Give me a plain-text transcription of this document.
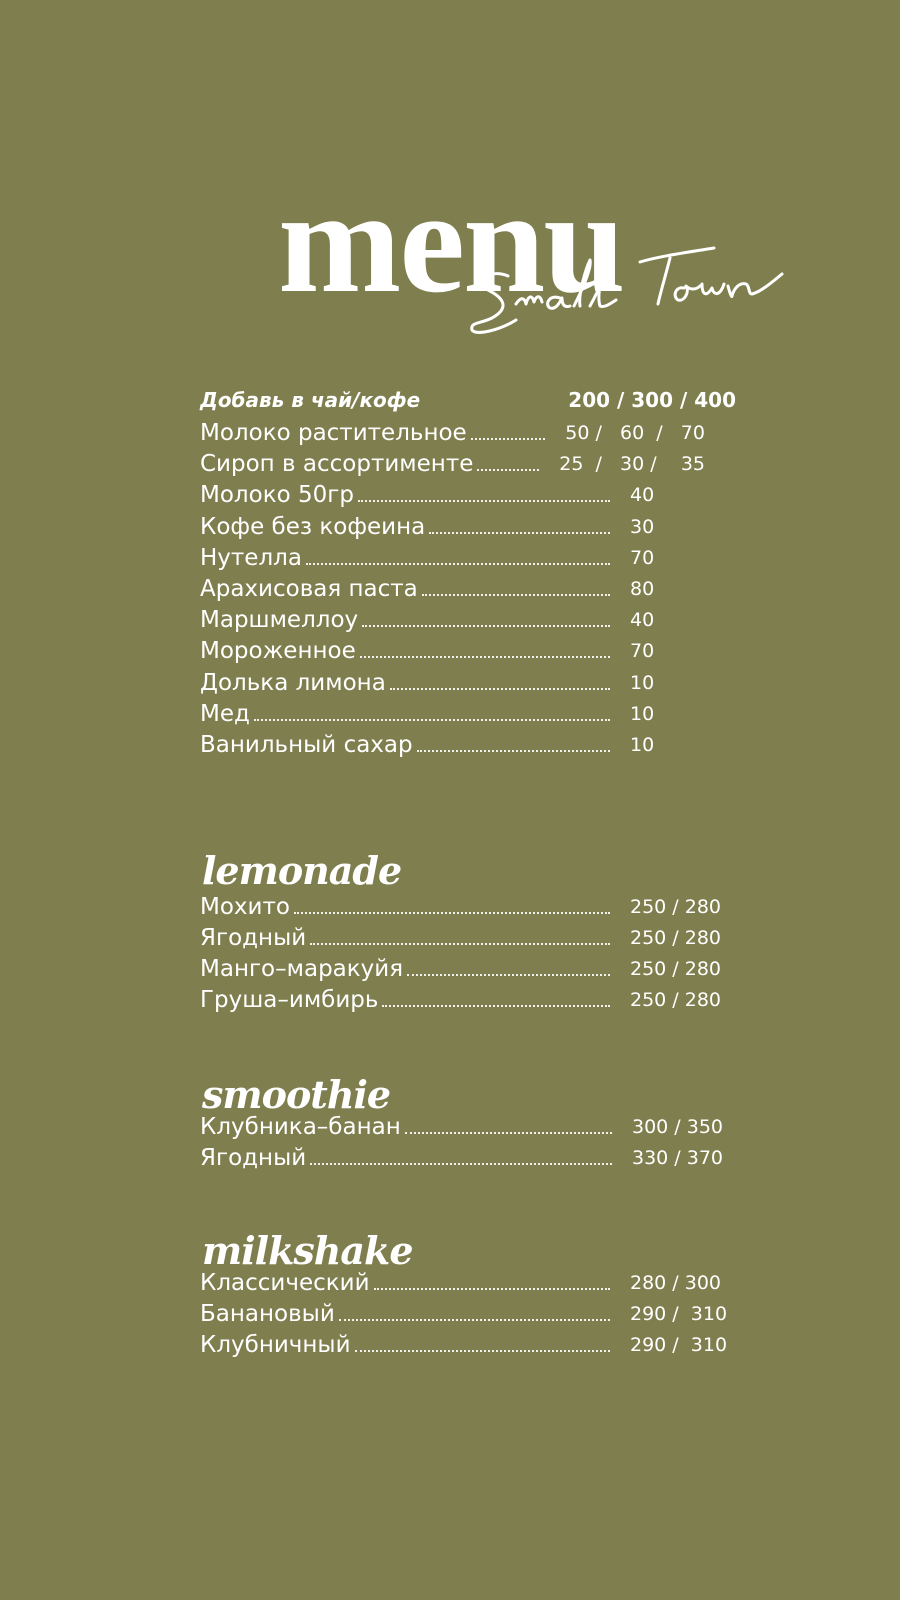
menu
Добавь в чай/кофе	200 / 300 / 400
Молоко растительное	50 /   60  /   70
Сироп в ассортименте	25  /   30 /    35
Молоко 50гр	40
Кофе без кофеина	30
Нутелла	70
Арахисовая паста	80
Маршмеллоу	40
Мороженное	70
Долька лимона	10
Мед	10
Ванильный сахар	10
lemonade
Мохито	250 / 280
Ягодный	250 / 280
Манго–маракуйя	250 / 280
Груша–имбирь	250 / 280
smoothie
Клубника–банан	300 / 350
Ягодный	330 / 370
milkshake
Классический	280 / 300
Банановый	290 /  310
Клубничный	290 /  310
